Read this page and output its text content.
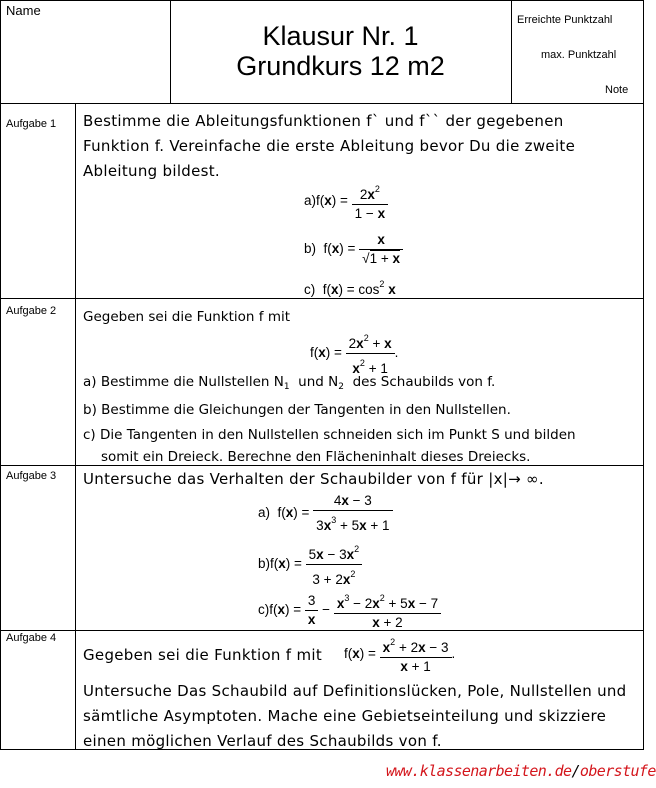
Name
Klausur Nr. 1
Grundkurs 12 m2
Erreichte Punktzahl
max. Punktzahl
Note
Aufgabe 1 Bestimme die Ableitungsfunktionen f` und f`` der gegebenen Funktion f. Vereinfache die erste Ableitung bevor Du die zweite Ableitung bildest.
$a)f(x) = \frac{2x^2}{1 - x}$
b)  $f(x) = \frac{x}{√1 + x}$
c)  $f(x) = \cos^2 x$
Aufgabe 2 Gegeben sei die Funktion f mit
$f(x) = \frac{2x^2 + x}{x^2 + 1}$ .
a) Bestimme die Nullstellen $N_1$ und $N_2$ des Schaubilds von f.
b) Bestimme die Gleichungen der Tangenten in den Nullstellen.
c) Die Tangenten in den Nullstellen schneiden sich im Punkt S und bilden
somit ein Dreieck. Berechne den Flächeninhalt dieses Dreiecks.
Aufgabe 3 Untersuche das Verhalten der Schaubilder von f für |x|→ ∞.
a)  $f(x) = \frac{4x - 3}{3x^3 + 5x + 1}$
$b)f(x) = \frac{5x - 3x^2}{3 + 2x^2}$
$c)f(x) = \frac{3}{x} - \frac{x^3 - 2x^2 + 5x - 7}{x + 2}$
Aufgabe 4
Gegeben sei die Funktion f mit $f(x) = \frac{x^2 + 2x - 3}{x + 1}$ .
Untersuche Das Schaubild auf Definitionslücken, Pole, Nullstellen und sämtliche Asymptoten. Mache eine Gebietseinteilung und skizziere einen möglichen Verlauf des Schaubilds von f.
www.klassenarbeiten.de/oberstufe
